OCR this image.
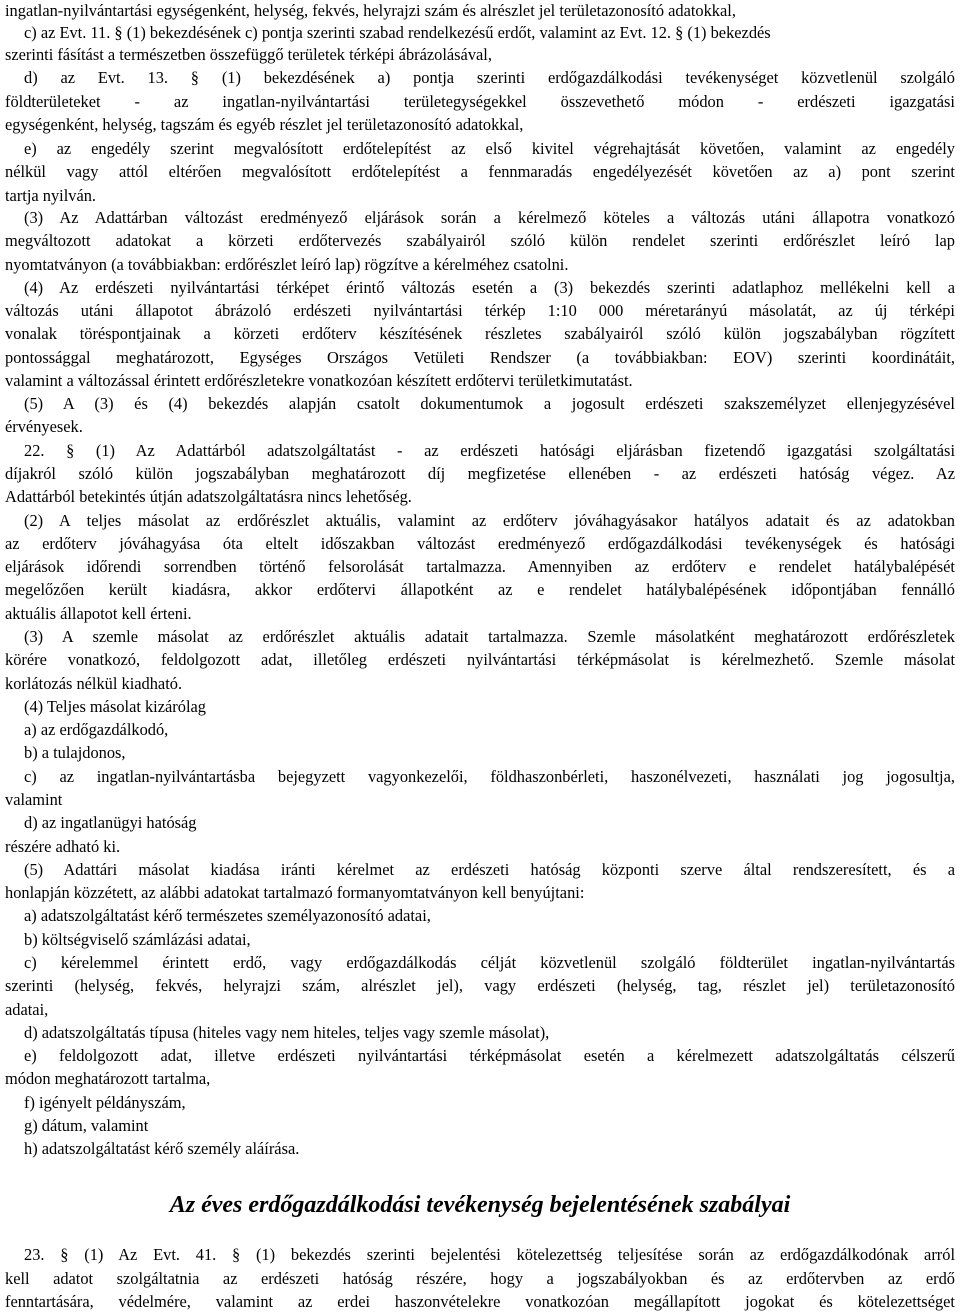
ingatlan-nyilvántartási egységenként, helység, fekvés, helyrajzi szám és alrészlet jel területazonosító adatokkal,
c) az Evt. 11. § (1) bekezdésének c) pontja szerinti szabad rendelkezésű erdőt, valamint az Evt. 12. § (1) bekezdés
szerinti fásítást a természetben összefüggő területek térképi ábrázolásával,
d) az Evt. 13. § (1) bekezdésének a) pontja szerinti erdőgazdálkodási tevékenységet közvetlenül szolgáló
földterületeket - az ingatlan-nyilvántartási területegységekkel összevethető módon - erdészeti igazgatási
egységenként, helység, tagszám és egyéb részlet jel területazonosító adatokkal,
e) az engedély szerint megvalósított erdőtelepítést az első kivitel végrehajtását követően, valamint az engedély
nélkül vagy attól eltérően megvalósított erdőtelepítést a fennmaradás engedélyezését követően az a) pont szerint
tartja nyilván.
(3) Az Adattárban változást eredményező eljárások során a kérelmező köteles a változás utáni állapotra vonatkozó
megváltozott adatokat a körzeti erdőtervezés szabályairól szóló külön rendelet szerinti erdőrészlet leíró lap
nyomtatványon (a továbbiakban: erdőrészlet leíró lap) rögzítve a kérelméhez csatolni.
(4) Az erdészeti nyilvántartási térképet érintő változás esetén a (3) bekezdés szerinti adatlaphoz mellékelni kell a
változás utáni állapotot ábrázoló erdészeti nyilvántartási térkép 1:10 000 méretarányú másolatát, az új térképi
vonalak töréspontjainak a körzeti erdőterv készítésének részletes szabályairól szóló külön jogszabályban rögzített
pontossággal meghatározott, Egységes Országos Vetületi Rendszer (a továbbiakban: EOV) szerinti koordinátáit,
valamint a változással érintett erdőrészletekre vonatkozóan készített erdőtervi területkimutatást.
(5) A (3) és (4) bekezdés alapján csatolt dokumentumok a jogosult erdészeti szakszemélyzet ellenjegyzésével
érvényesek.
22. § (1) Az Adattárból adatszolgáltatást - az erdészeti hatósági eljárásban fizetendő igazgatási szolgáltatási
díjakról szóló külön jogszabályban meghatározott díj megfizetése ellenében - az erdészeti hatóság végez. Az
Adattárból betekintés útján adatszolgáltatásra nincs lehetőség.
(2) A teljes másolat az erdőrészlet aktuális, valamint az erdőterv jóváhagyásakor hatályos adatait és az adatokban
az erdőterv jóváhagyása óta eltelt időszakban változást eredményező erdőgazdálkodási tevékenységek és hatósági
eljárások időrendi sorrendben történő felsorolását tartalmazza. Amennyiben az erdőterv e rendelet hatálybalépését
megelőzően került kiadásra, akkor erdőtervi állapotként az e rendelet hatálybalépésének időpontjában fennálló
aktuális állapotot kell érteni.
(3) A szemle másolat az erdőrészlet aktuális adatait tartalmazza. Szemle másolatként meghatározott erdőrészletek
körére vonatkozó, feldolgozott adat, illetőleg erdészeti nyilvántartási térképmásolat is kérelmezhető. Szemle másolat
korlátozás nélkül kiadható.
(4) Teljes másolat kizárólag
a) az erdőgazdálkodó,
b) a tulajdonos,
c) az ingatlan-nyilvántartásba bejegyzett vagyonkezelői, földhaszonbérleti, haszonélvezeti, használati jog jogosultja,
valamint
d) az ingatlanügyi hatóság
részére adható ki.
(5) Adattári másolat kiadása iránti kérelmet az erdészeti hatóság központi szerve által rendszeresített, és a
honlapján közzétett, az alábbi adatokat tartalmazó formanyomtatványon kell benyújtani:
a) adatszolgáltatást kérő természetes személyazonosító adatai,
b) költségviselő számlázási adatai,
c) kérelemmel érintett erdő, vagy erdőgazdálkodás célját közvetlenül szolgáló földterület ingatlan-nyilvántartás
szerinti (helység, fekvés, helyrajzi szám, alrészlet jel), vagy erdészeti (helység, tag, részlet jel) területazonosító
adatai,
d) adatszolgáltatás típusa (hiteles vagy nem hiteles, teljes vagy szemle másolat),
e) feldolgozott adat, illetve erdészeti nyilvántartási térképmásolat esetén a kérelmezett adatszolgáltatás célszerű
módon meghatározott tartalma,
f) igényelt példányszám,
g) dátum, valamint
h) adatszolgáltatást kérő személy aláírása.
23. § (1) Az Evt. 41. § (1) bekezdés szerinti bejelentési kötelezettség teljesítése során az erdőgazdálkodónak arról
kell adatot szolgáltatnia az erdészeti hatóság részére, hogy a jogszabályokban és az erdőtervben az erdő
fenntartására, védelmére, valamint az erdei haszonvételekre vonatkozóan megállapított jogokat és kötelezettséget
Az éves erdőgazdálkodási tevékenység bejelentésének szabályai
